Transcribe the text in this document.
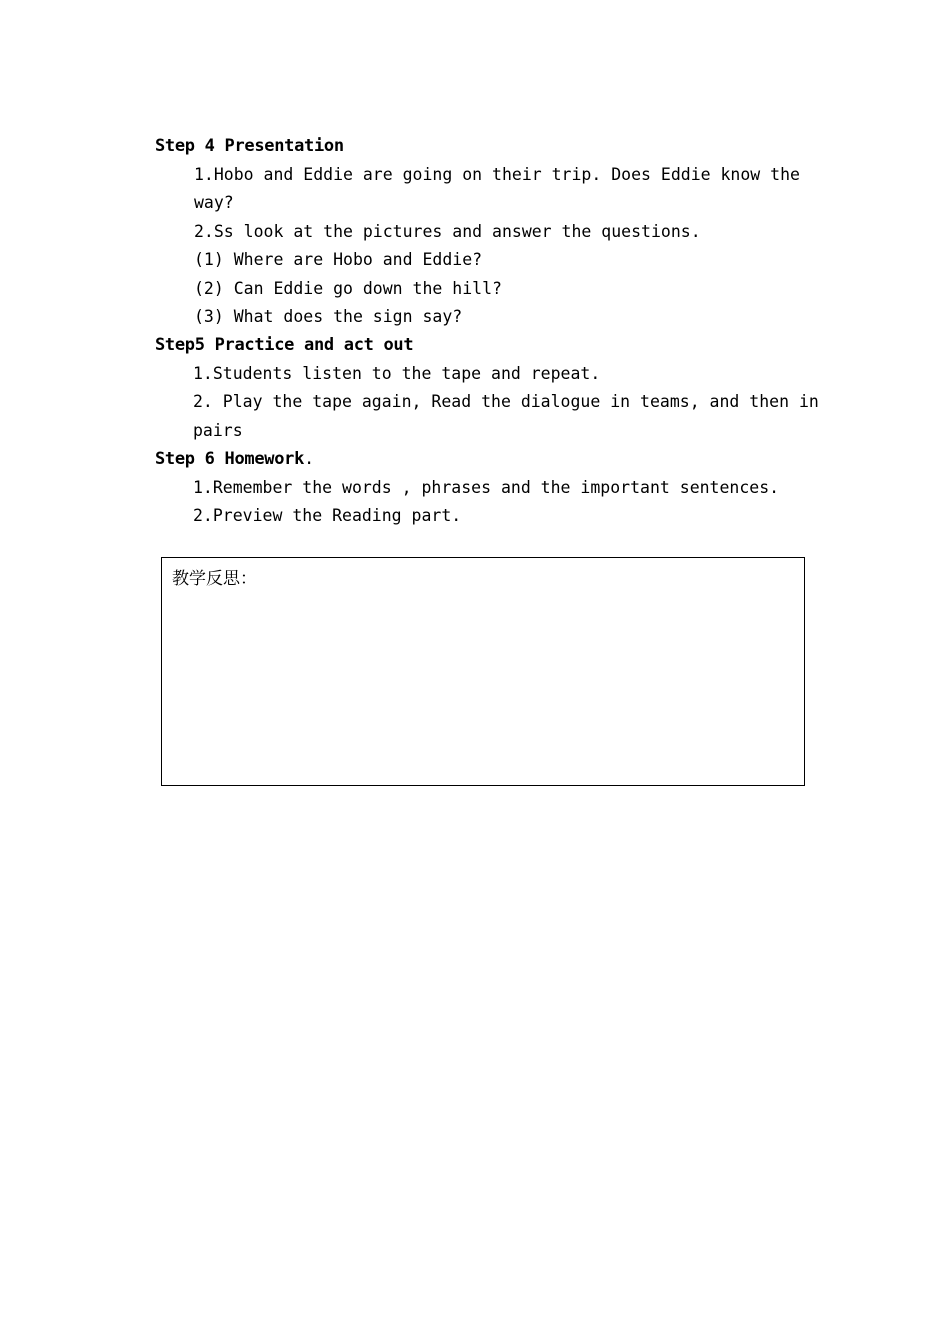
Step 4 Presentation
1.Hobo and Eddie are going on their trip. Does Eddie know the
way?
2.Ss look at the pictures and answer the questions.
(1) Where are Hobo and Eddie?
(2) Can Eddie go down the hill?
(3) What does the sign say?
Step5 Practice and act out
1.Students listen to the tape and repeat.
2. Play the tape again, Read the dialogue in teams, and then in
pairs
Step 6 Homework.
1.Remember the words , phrases and the important sentences.
2.Preview the Reading part.
教学反思：
